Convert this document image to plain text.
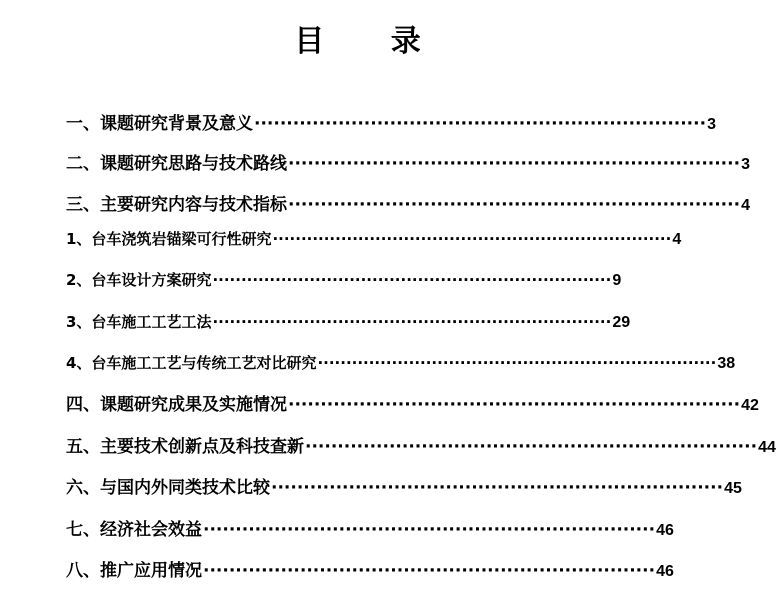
目 录
一、课题研究背景及意义 ······································································ 3
二、课题研究思路与技术路线 ······································································ 3
三、主要研究内容与技术指标 ······································································ 4
1、台车浇筑岩锚梁可行性研究 ······································································ 4
2、台车设计方案研究 ······································································ 9
3、台车施工工艺工法 ······································································ 29
4、台车施工工艺与传统工艺对比研究 ······································································ 38
四、课题研究成果及实施情况 ······································································ 42
五、主要技术创新点及科技查新 ······································································ 44
六、与国内外同类技术比较 ······································································ 45
七、经济社会效益 ······································································ 46
八、推广应用情况 ······································································ 46
